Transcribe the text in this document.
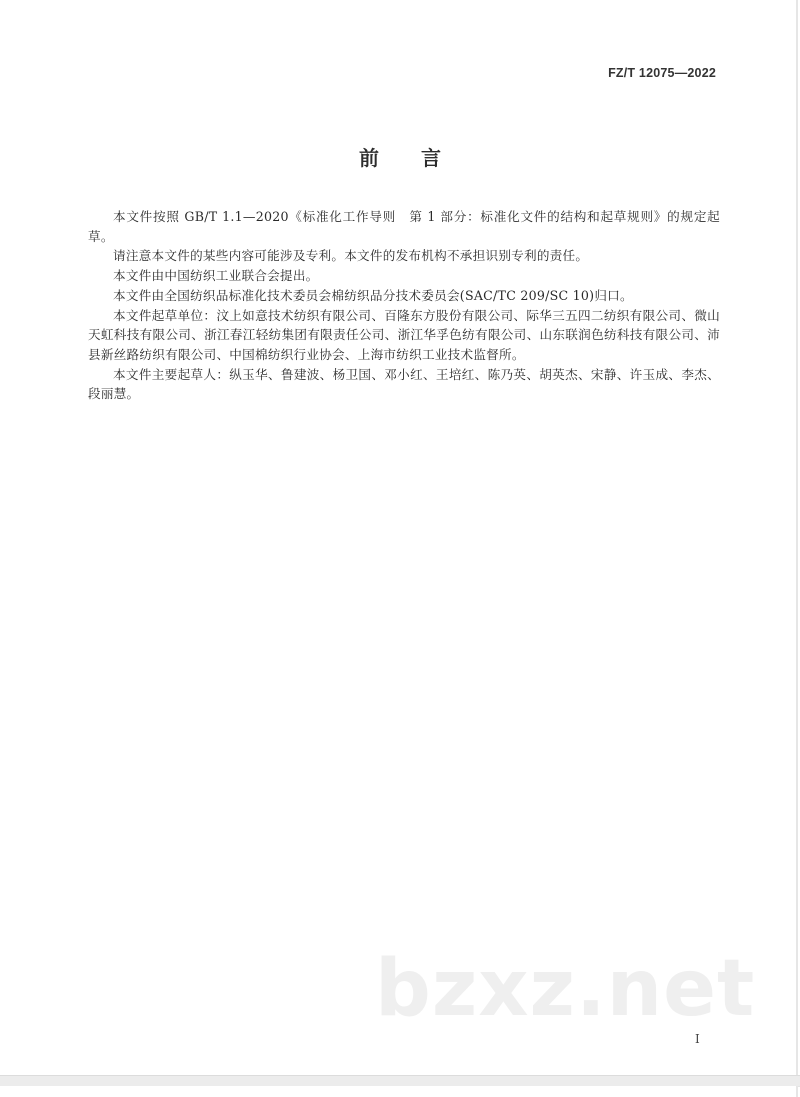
FZ/T 12075—2022
前 言

本文件按照 GB/T 1.1—2020《标准化工作导则　第 1 部分：标准化文件的结构和起草规则》的规定起草。

请注意本文件的某些内容可能涉及专利。本文件的发布机构不承担识别专利的责任。

本文件由中国纺织工业联合会提出。

本文件由全国纺织品标准化技术委员会棉纺织品分技术委员会(SAC/TC 209/SC 10)归口。

本文件起草单位：汶上如意技术纺织有限公司、百隆东方股份有限公司、际华三五四二纺织有限公司、微山天虹科技有限公司、浙江春江轻纺集团有限责任公司、浙江华孚色纺有限公司、山东联润色纺科技有限公司、沛县新丝路纺织有限公司、中国棉纺织行业协会、上海市纺织工业技术监督所。

本文件主要起草人：纵玉华、鲁建波、杨卫国、邓小红、王培红、陈乃英、胡英杰、宋静、许玉成、李杰、段丽慧。

bzxz.net
I
